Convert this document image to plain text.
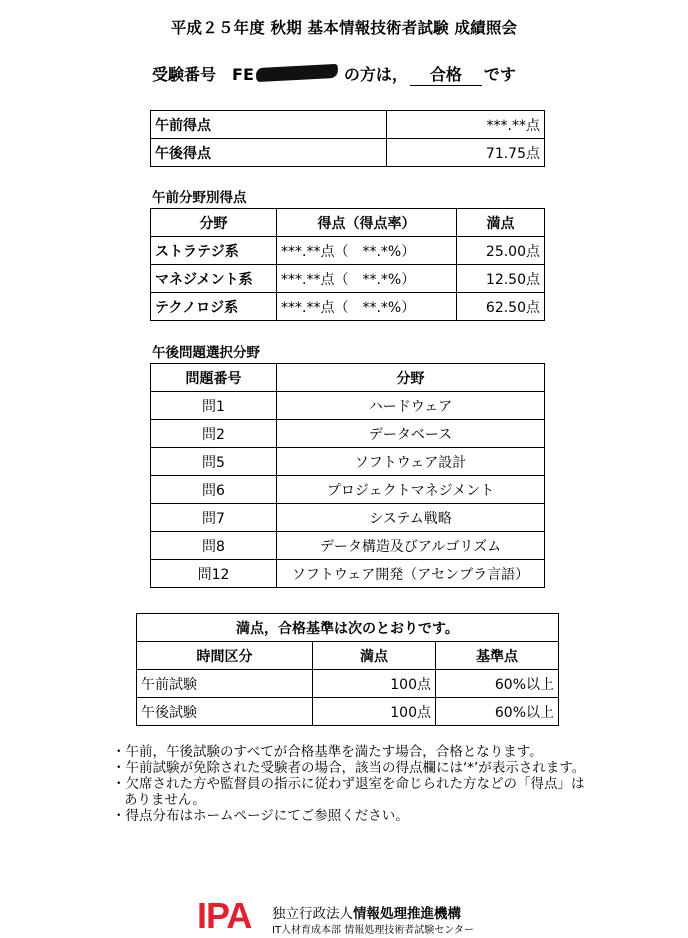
平成２５年度 秋期 基本情報技術者試験 成績照会
受験番号 FE	の方は，	合格	です
午前得点	***.**点
午後得点	71.75点
午前分野別得点
分野	得点（得点率）	満点
ストラテジ系	***.**点（　**.*%）	25.00点
マネジメント系	***.**点（　**.*%）	12.50点
テクノロジ系	***.**点（　**.*%）	62.50点
午後問題選択分野
問題番号	分野
問1	ハードウェア
問2	データベース
問5	ソフトウェア設計
問6	プロジェクトマネジメント
問7	システム戦略
問8	データ構造及びアルゴリズム
問12	ソフトウェア開発（アセンブラ言語）
満点，合格基準は次のとおりです。		
時間区分	満点	基準点
午前試験	100点	60%以上
午後試験	100点	60%以上
・午前，午後試験のすべてが合格基準を満たす場合，合格となります。
・午前試験が免除された受験者の場合，該当の得点欄には‘*’が表示されます。
・欠席された方や監督員の指示に従わず退室を命じられた方などの「得点」はありません。
・得点分布はホームページにてご参照ください。
IPA 独立行政法人情報処理推進機構
IT人材育成本部 情報処理技術者試験センター
